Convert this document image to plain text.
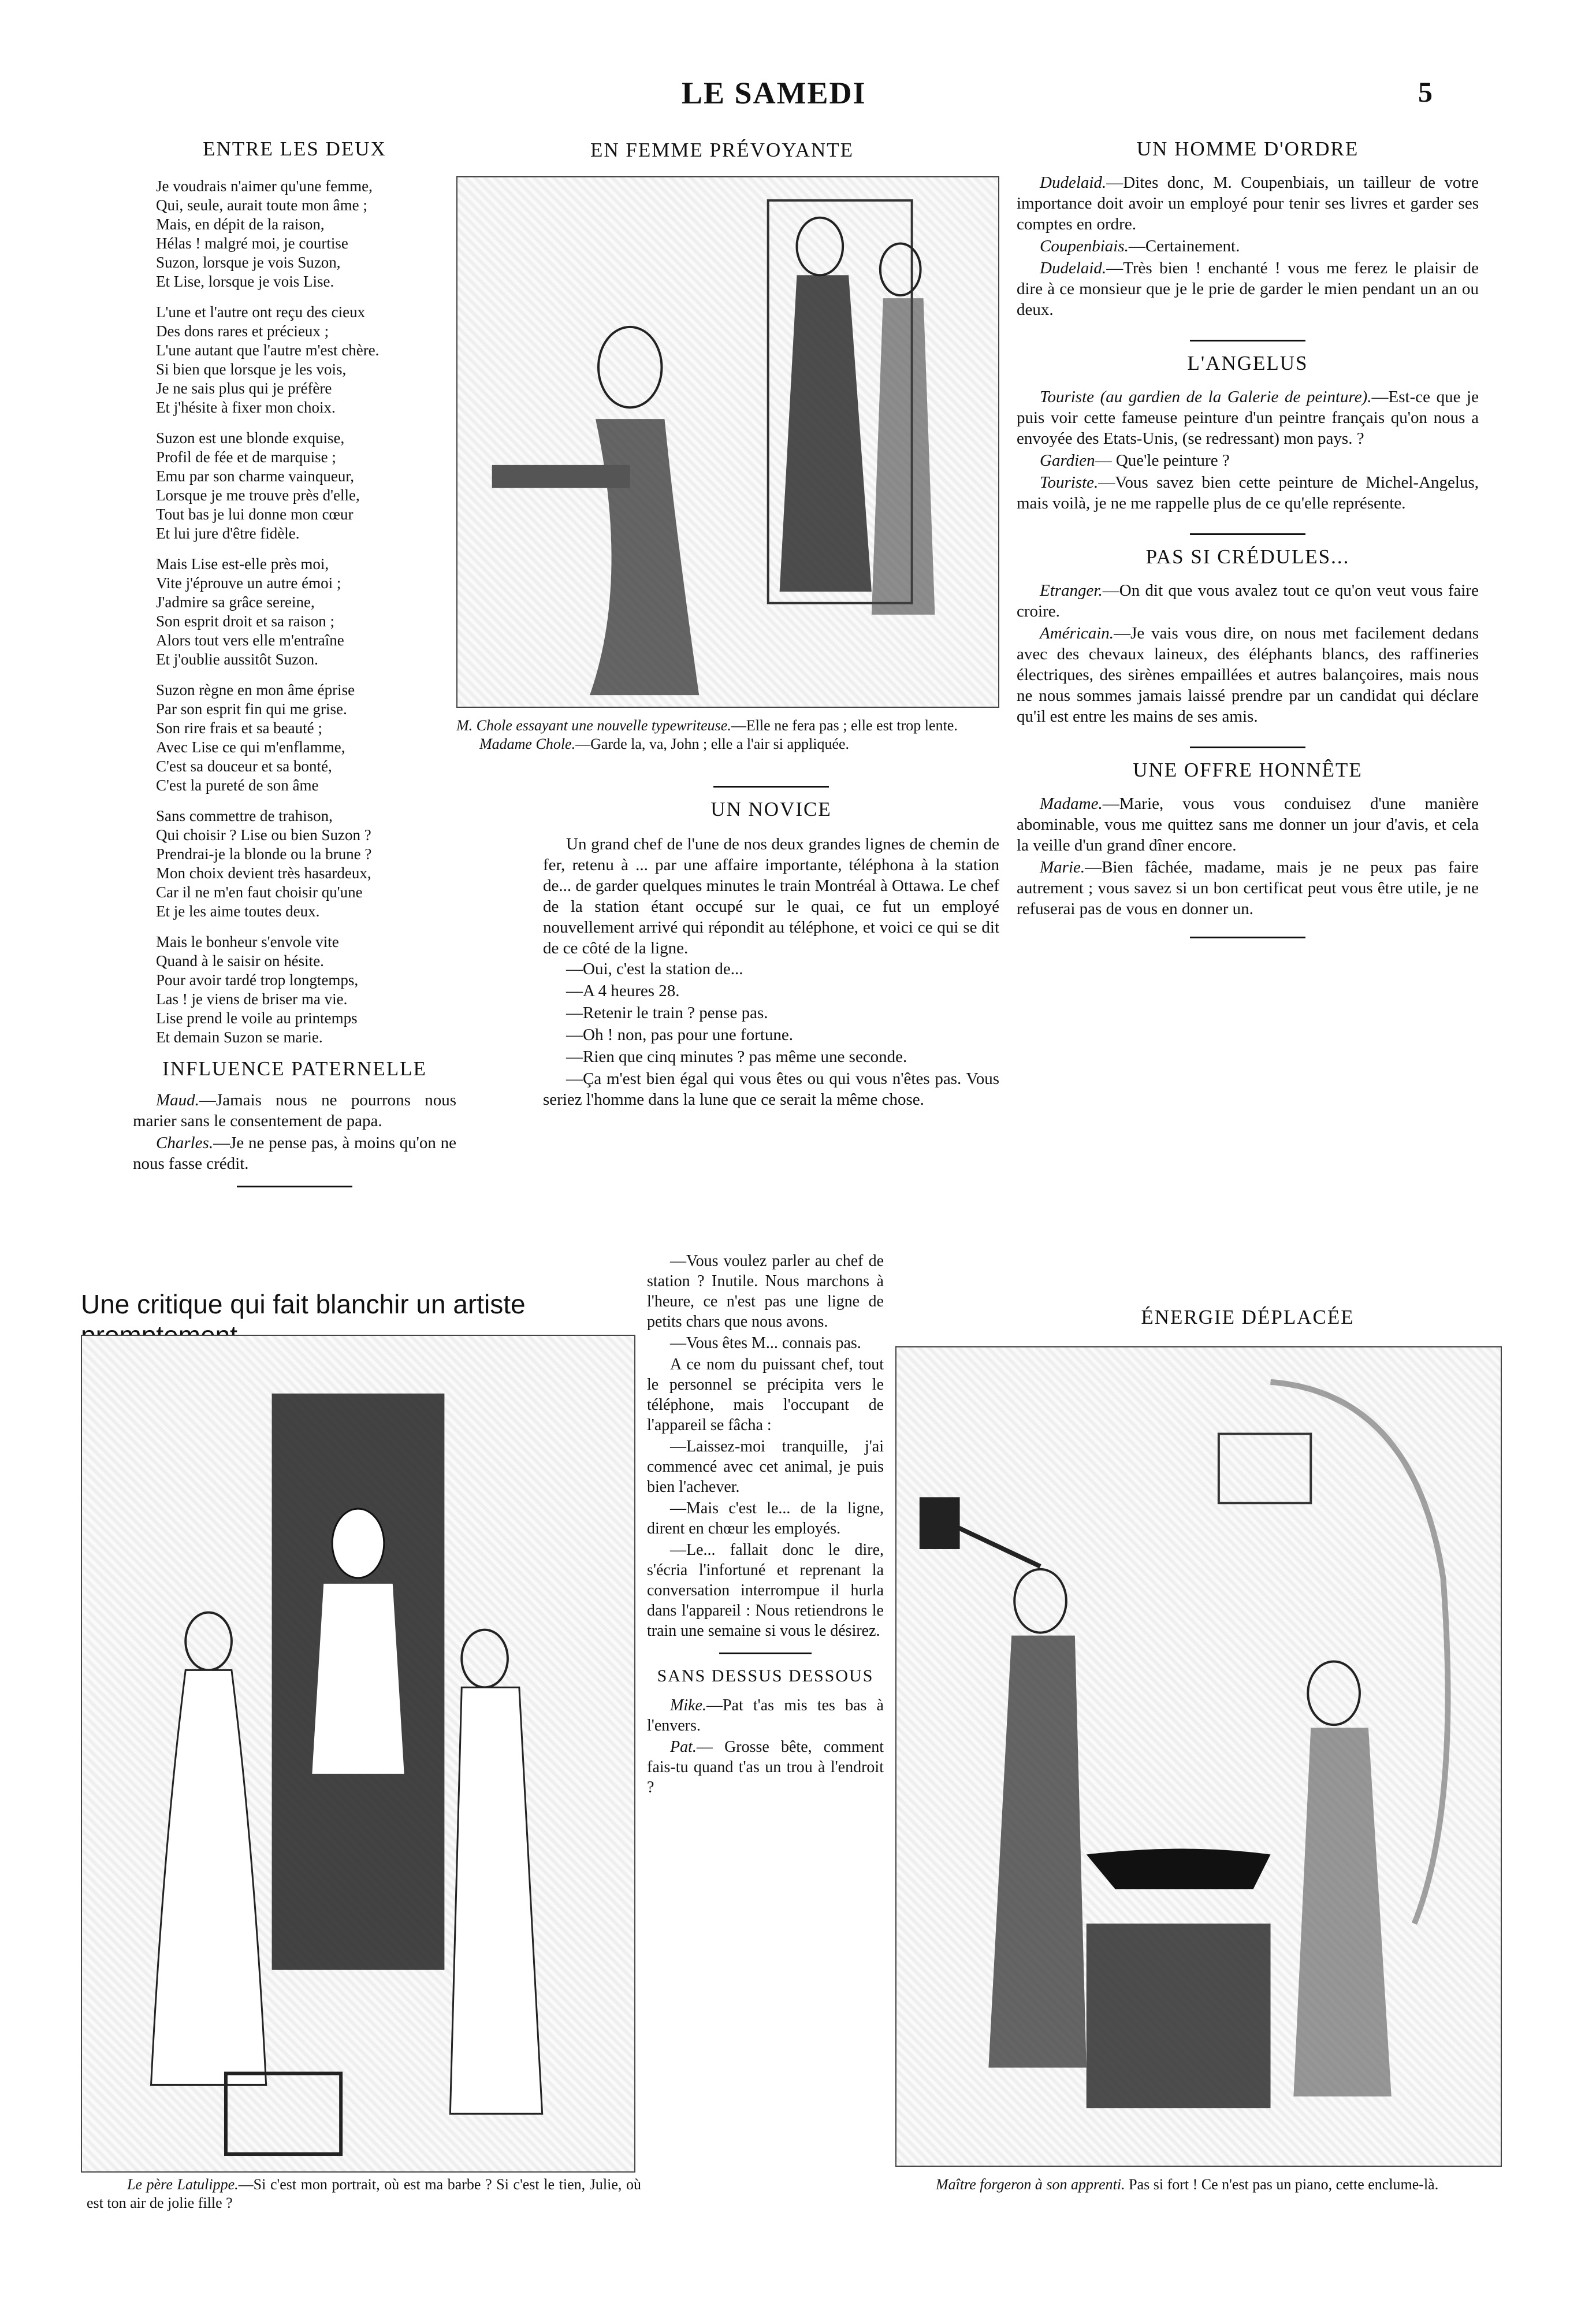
LE SAMEDI	5
ENTRE LES DEUX

Je voudrais n'aimer qu'une femme,
Qui, seule, aurait toute mon âme ;
Mais, en dépit de la raison,
Hélas ! malgré moi, je courtise
Suzon, lorsque je vois Suzon,
Et Lise, lorsque je vois Lise.

L'une et l'autre ont reçu des cieux
Des dons rares et précieux ;
L'une autant que l'autre m'est chère.
Si bien que lorsque je les vois,
Je ne sais plus qui je préfère
Et j'hésite à fixer mon choix.

Suzon est une blonde exquise,
Profil de fée et de marquise ;
Emu par son charme vainqueur,
Lorsque je me trouve près d'elle,
Tout bas je lui donne mon cœur
Et lui jure d'être fidèle.

Mais Lise est-elle près moi,
Vite j'éprouve un autre émoi ;
J'admire sa grâce sereine,
Son esprit droit et sa raison ;
Alors tout vers elle m'entraîne
Et j'oublie aussitôt Suzon.

Suzon règne en mon âme éprise
Par son esprit fin qui me grise.
Son rire frais et sa beauté ;
Avec Lise ce qui m'enflamme,
C'est sa douceur et sa bonté,
C'est la pureté de son âme

Sans commettre de trahison,
Qui choisir ? Lise ou bien Suzon ?
Prendrai-je la blonde ou la brune ?
Mon choix devient très hasardeux,
Car il ne m'en faut choisir qu'une
Et je les aime toutes deux.

Mais le bonheur s'envole vite
Quand à le saisir on hésite.
Pour avoir tardé trop longtemps,
Las ! je viens de briser ma vie.
Lise prend le voile au printemps
Et demain Suzon se marie.

INFLUENCE PATERNELLE
Maud.—Jamais nous ne pourrons nous marier sans le consentement de papa.
Charles.—Je ne pense pas, à moins qu'on ne nous fasse crédit.
EN FEMME PRÉVOYANTE
M. Chole essayant une nouvelle typewriteuse.—Elle ne fera pas ; elle est trop lente.
Madame Chole.—Garde la, va, John ; elle a l'air si appliquée.
UN NOVICE
Un grand chef de l'une de nos deux grandes lignes de chemin de fer, retenu à ... par une affaire importante, téléphona à la station de... de garder quelques minutes le train Montréal à Ottawa. Le chef de la station étant occupé sur le quai, ce fut un employé nouvellement arrivé qui répondit au téléphone, et voici ce qui se dit de ce côté de la ligne.
—Oui, c'est la station de...
—A 4 heures 28.
—Retenir le train ? pense pas.
—Oh ! non, pas pour une fortune.
—Rien que cinq minutes ? pas même une seconde.
—Ça m'est bien égal qui vous êtes ou qui vous n'êtes pas. Vous seriez l'homme dans la lune que ce serait la même chose.
Une critique qui fait blanchir un artiste
Le père Latulippe.—Si c'est mon portrait, où est ma barbe ? Si c'est le tien, Julie, où est ton air de jolie fille ?
—Vous voulez parler au chef de station ? Inutile. Nous marchons à l'heure, ce n'est pas une ligne de petits chars que nous avons.
—Vous êtes M... connais pas.
A ce nom du puissant chef, tout le personnel se précipita vers le téléphone, mais l'occupant de l'appareil se fâcha :
—Laissez-moi tranquille, j'ai commencé avec cet animal, je puis bien l'achever.
—Mais c'est le... de la ligne, dirent en chœur les employés.
—Le... fallait donc le dire, s'écria l'infortuné et reprenant la conversation interrompue il hurla dans l'appareil : Nous retiendrons le train une semaine si vous le désirez.
SANS DESSUS DESSOUS
Mike.—Pat t'as mis tes bas à l'envers.
Pat.— Grosse bête, comment fais-tu quand t'as un trou à l'endroit ?
UN HOMME D'ORDRE
Dudelaid.—Dites donc, M. Coupenbiais, un tailleur de votre importance doit avoir un employé pour tenir ses livres et garder ses comptes en ordre.
Coupenbiais.—Certainement.
Dudelaid.—Très bien ! enchanté ! vous me ferez le plaisir de dire à ce monsieur que je le prie de garder le mien pendant un an ou deux.
L'ANGELUS
Touriste (au gardien de la Galerie de peinture).—Est-ce que je puis voir cette fameuse peinture d'un peintre français qu'on nous a envoyée des Etats-Unis, (se redressant) mon pays. ?
Gardien— Que'le peinture ?
Touriste.—Vous savez bien cette peinture de Michel-Angelus, mais voilà, je ne me rappelle plus de ce qu'elle représente.
PAS SI CRÉDULES...
Etranger.—On dit que vous avalez tout ce qu'on veut vous faire croire.
Américain.—Je vais vous dire, on nous met facilement dedans avec des chevaux laineux, des éléphants blancs, des raffineries électriques, des sirènes empaillées et autres balançoires, mais nous ne nous sommes jamais laissé prendre par un candidat qui déclare qu'il est entre les mains de ses amis.
UNE OFFRE HONNÊTE
Madame.—Marie, vous vous conduisez d'une manière abominable, vous me quittez sans me donner un jour d'avis, et cela la veille d'un grand dîner encore.
Marie.—Bien fâchée, madame, mais je ne peux pas faire autrement ; vous savez si un bon certificat peut vous être utile, je ne refuserai pas de vous en donner un.
ÉNERGIE DÉPLACÉE
Maître forgeron à son apprenti. Pas si fort ! Ce n'est pas un piano, cette enclume-là.
